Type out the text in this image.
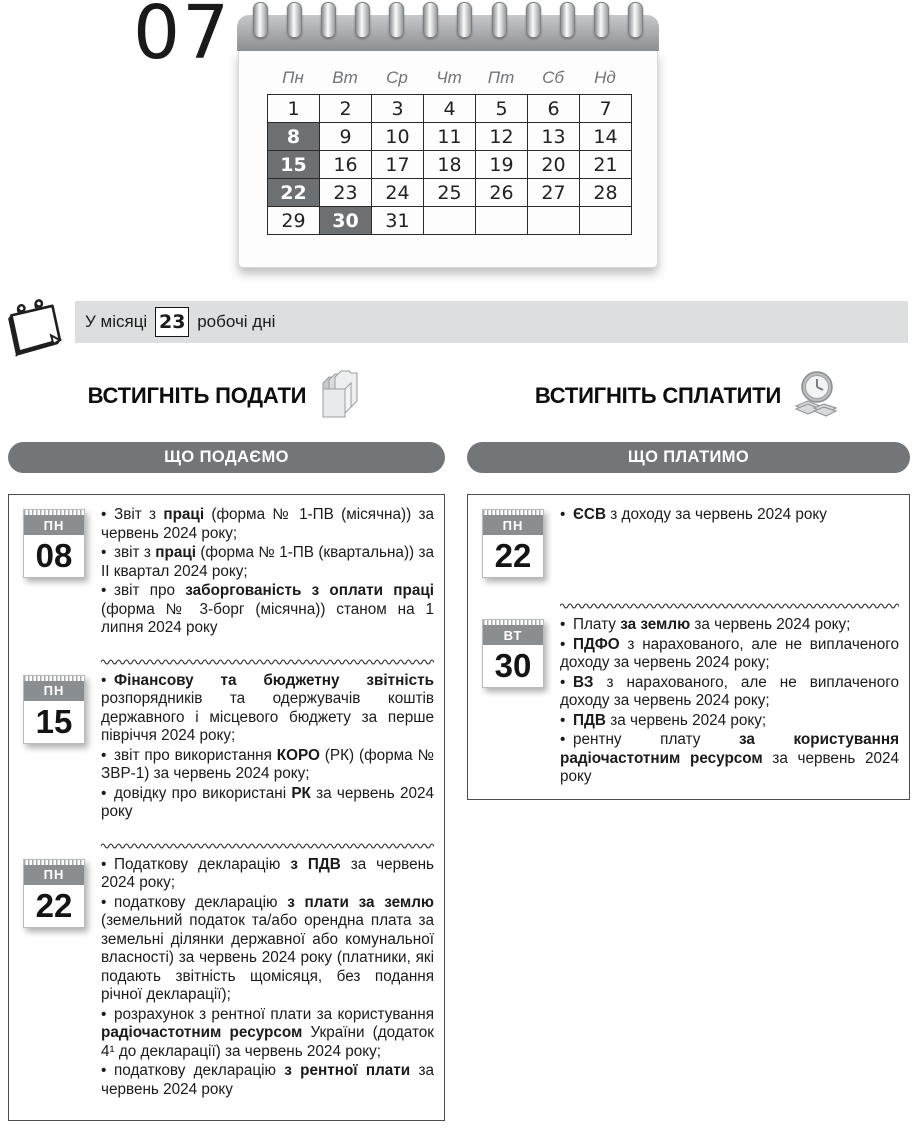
07
Пн	Вт	Ср	Чт	Пт	Сб	Нд
1	2	3	4	5	6	7
8	9	10	11	12	13	14
15	16	17	18	19	20	21
22	23	24	25	26	27	28
29	30	31				
У місяці 23 робочі дні
ВСТИГНІТЬ ПОДАТИ	ВСТИГНІТЬ СПЛАТИТИ
ЩО ПОДАЄМО	ЩО ПЛАТИМО
ПН
08

• Звіт з праці (форма № 1-ПВ (місячна)) за червень 2024 року;

• звіт з праці (форма № 1-ПВ (квартальна)) за II квартал 2024 року;

• звіт про заборгованість з оплати праці (форма № 3-борг (місячна)) станом на 1 липня 2024 року

ПН
15

•  Фінансову та бюджетну звітність розпорядників та одержувачів коштів державного і місцевого бюджету за перше півріччя 2024 року;

• звіт про використання КОРО (РК) (форма № ЗВР-1) за червень 2024 року;

• довідку про використані РК за червень 2024 року

ПН
22

• Податкову декларацію з ПДВ за червень 2024 року;

• податкову декларацію з плати за землю (земельний податок та/або орендна плата за земельні ділянки державної або комунальної власності) за червень 2024 року (платники, які подають звітність щомісяця, без подання річної декларації);

• розрахунок з рентної плати за користування радіочастотним ресурсом України (додаток 4¹ до декларації) за червень 2024 року;

• податкову декларацію з рентної плати за червень 2024 року

ПН
22

•  ЄСВ з доходу за червень 2024 року

ВТ
30

• Плату за землю за червень 2024 року;

•  ПДФО з нарахованого, але не виплаченого доходу за червень 2024 року;

•  ВЗ з нарахованого, але не виплаченого доходу за червень 2024 року;

•  ПДВ за червень 2024 року;

• рентну плату за користування радіочастотним ресурсом за червень 2024 року
